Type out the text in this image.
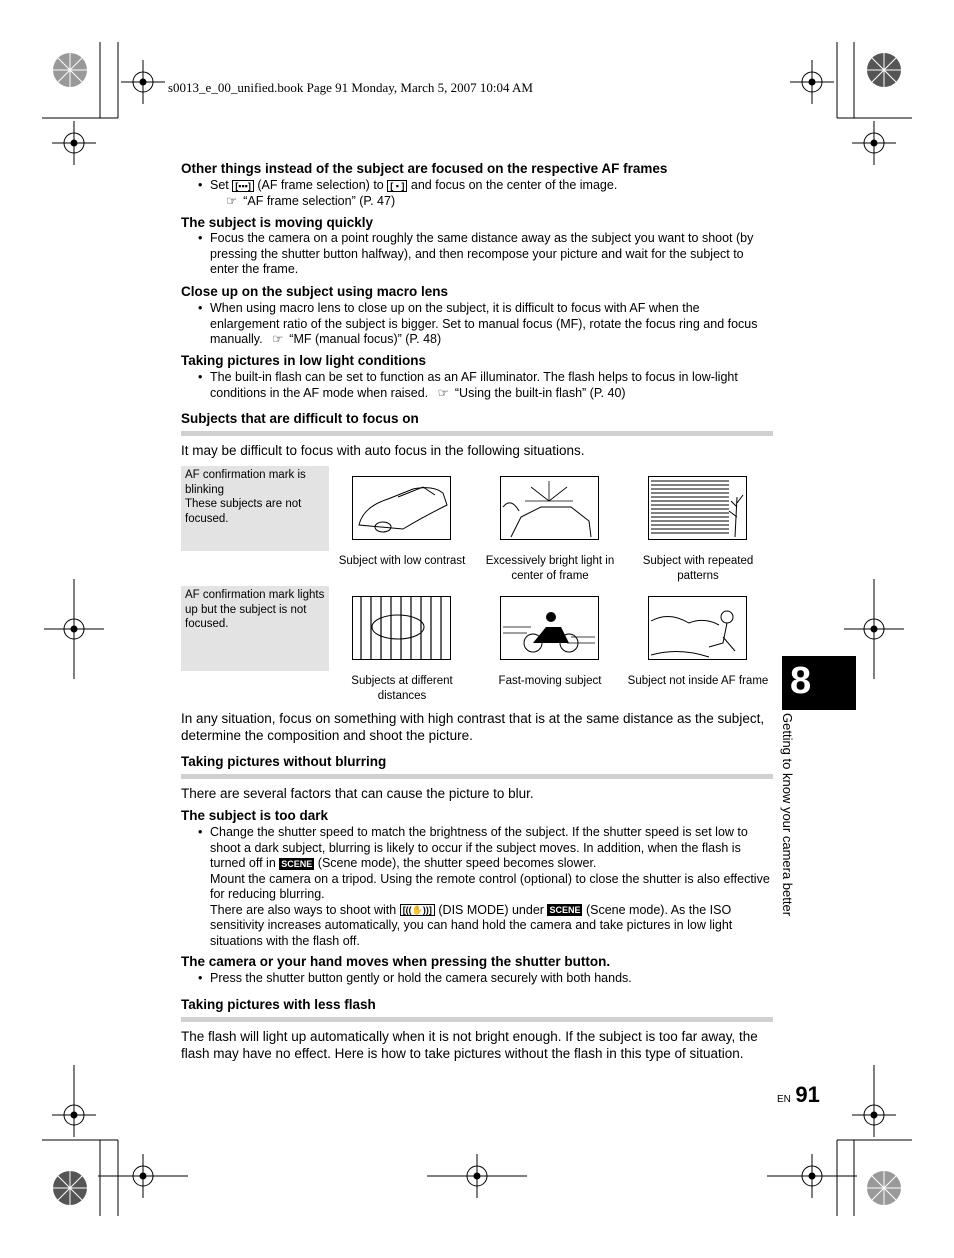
s0013_e_00_unified.book Page 91 Monday, March 5, 2007 10:04 AM
Other things instead of the subject are focused on the respective AF frames
• Set [▪▪▪] (AF frame selection) to [ ▪ ] and focus on the center of the image.
☞ “AF frame selection” (P. 47)
The subject is moving quickly
• Focus the camera on a point roughly the same distance away as the subject you want to shoot (by pressing the shutter button halfway), and then recompose your picture and wait for the subject to enter the frame.
Close up on the subject using macro lens
• When using macro lens to close up on the subject, it is difficult to focus with AF when the enlargement ratio of the subject is bigger. Set to manual focus (MF), rotate the focus ring and focus manually. ☞ “MF (manual focus)” (P. 48)
Taking pictures in low light conditions
• The built-in flash can be set to function as an AF illuminator. The flash helps to focus in low-light conditions in the AF mode when raised. ☞ “Using the built-in flash” (P. 40)
Subjects that are difficult to focus on
It may be difficult to focus with auto focus in the following situations.
AF confirmation mark is blinking
These subjects are not focused.
AF confirmation mark lights up but the subject is not focused.
Subject with low contrast	Excessively bright light in center of frame
Subject with repeated patterns
Subjects at different distances
Fast-moving subject	Subject not inside AF frame
In any situation, focus on something with high contrast that is at the same distance as the subject, determine the composition and shoot the picture.
Taking pictures without blurring
There are several factors that can cause the picture to blur.
The subject is too dark
• Change the shutter speed to match the brightness of the subject. If the shutter speed is set low to shoot a dark subject, blurring is likely to occur if the subject moves. In addition, when the flash is turned off in SCENE (Scene mode), the shutter speed becomes slower.
Mount the camera on a tripod. Using the remote control (optional) to close the shutter is also effective for reducing blurring.
There are also ways to shoot with [((✋))] (DIS MODE) under SCENE (Scene mode). As the ISO sensitivity increases automatically, you can hand hold the camera and take pictures in low light situations with the flash off.
The camera or your hand moves when pressing the shutter button.
• Press the shutter button gently or hold the camera securely with both hands.
Taking pictures with less flash
The flash will light up automatically when it is not bright enough. If the subject is too far away, the flash may have no effect. Here is how to take pictures without the flash in this type of situation.
8
Getting to know your camera better
EN 91
